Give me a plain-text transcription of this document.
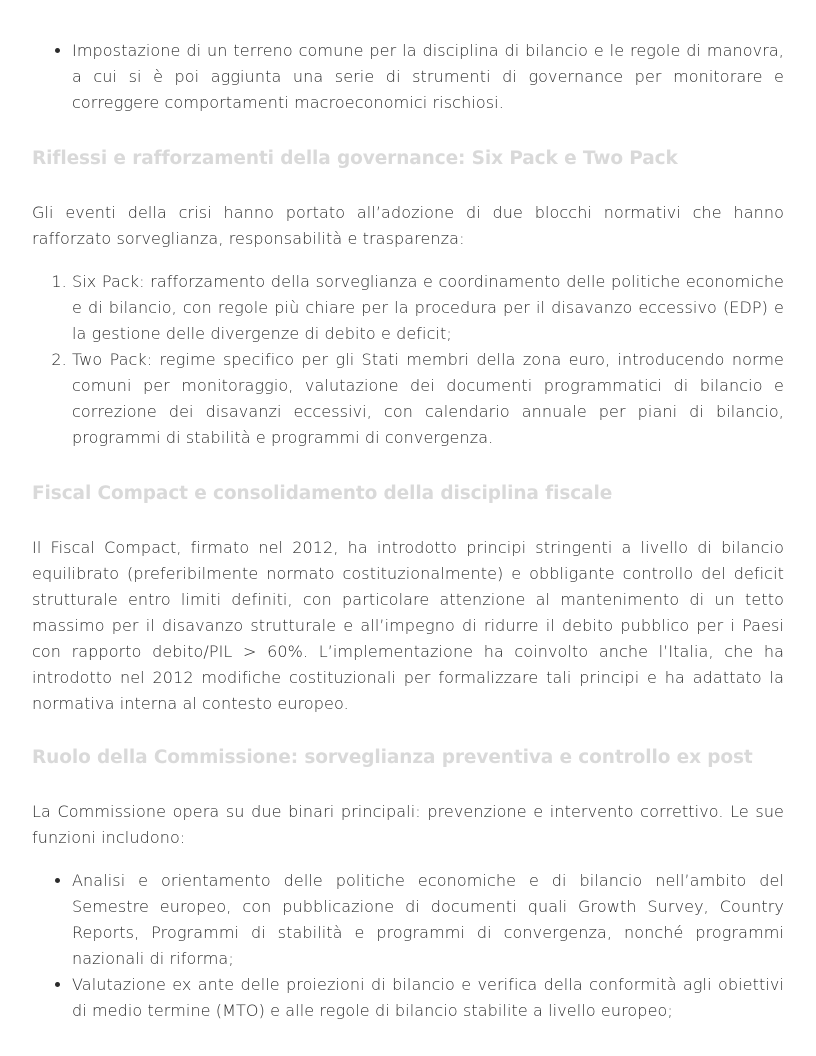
• Impostazione di un terreno comune per la disciplina di bilancio e le regole di manovra, a cui si è poi aggiunta una serie di strumenti di governance per monitorare e correggere comportamenti macroeconomici rischiosi.
Riflessi e rafforzamenti della governance: Six Pack e Two Pack

Gli eventi della crisi hanno portato all’adozione di due blocchi normativi che hanno rafforzato sorveglianza, responsabilità e trasparenza:

1. Six Pack: rafforzamento della sorveglianza e coordinamento delle politiche economiche e di bilancio, con regole più chiare per la procedura per il disavanzo eccessivo (EDP) e la gestione delle divergenze di debito e deficit;
2. Two Pack: regime specifico per gli Stati membri della zona euro, introducendo norme comuni per monitoraggio, valutazione dei documenti programmatici di bilancio e correzione dei disavanzi eccessivi, con calendario annuale per piani di bilancio, programmi di stabilità e programmi di convergenza.
Fiscal Compact e consolidamento della disciplina fiscale

Il Fiscal Compact, firmato nel 2012, ha introdotto principi stringenti a livello di bilancio equilibrato (preferibilmente normato costituzionalmente) e obbligante controllo del deficit strutturale entro limiti definiti, con particolare attenzione al mantenimento di un tetto massimo per il disavanzo strutturale e all’impegno di ridurre il debito pubblico per i Paesi con rapporto debito/PIL > 60%. L’implementazione ha coinvolto anche l’Italia, che ha introdotto nel 2012 modifiche costituzionali per formalizzare tali principi e ha adattato la normativa interna al contesto europeo.

Ruolo della Commissione: sorveglianza preventiva e controllo ex post

La Commissione opera su due binari principali: prevenzione e intervento correttivo. Le sue funzioni includono:

• Analisi e orientamento delle politiche economiche e di bilancio nell’ambito del Semestre europeo, con pubblicazione di documenti quali Growth Survey, Country Reports, Programmi di stabilità e programmi di convergenza, nonché programmi nazionali di riforma;
• Valutazione ex ante delle proiezioni di bilancio e verifica della conformità agli obiettivi di medio termine (MTO) e alle regole di bilancio stabilite a livello europeo;
